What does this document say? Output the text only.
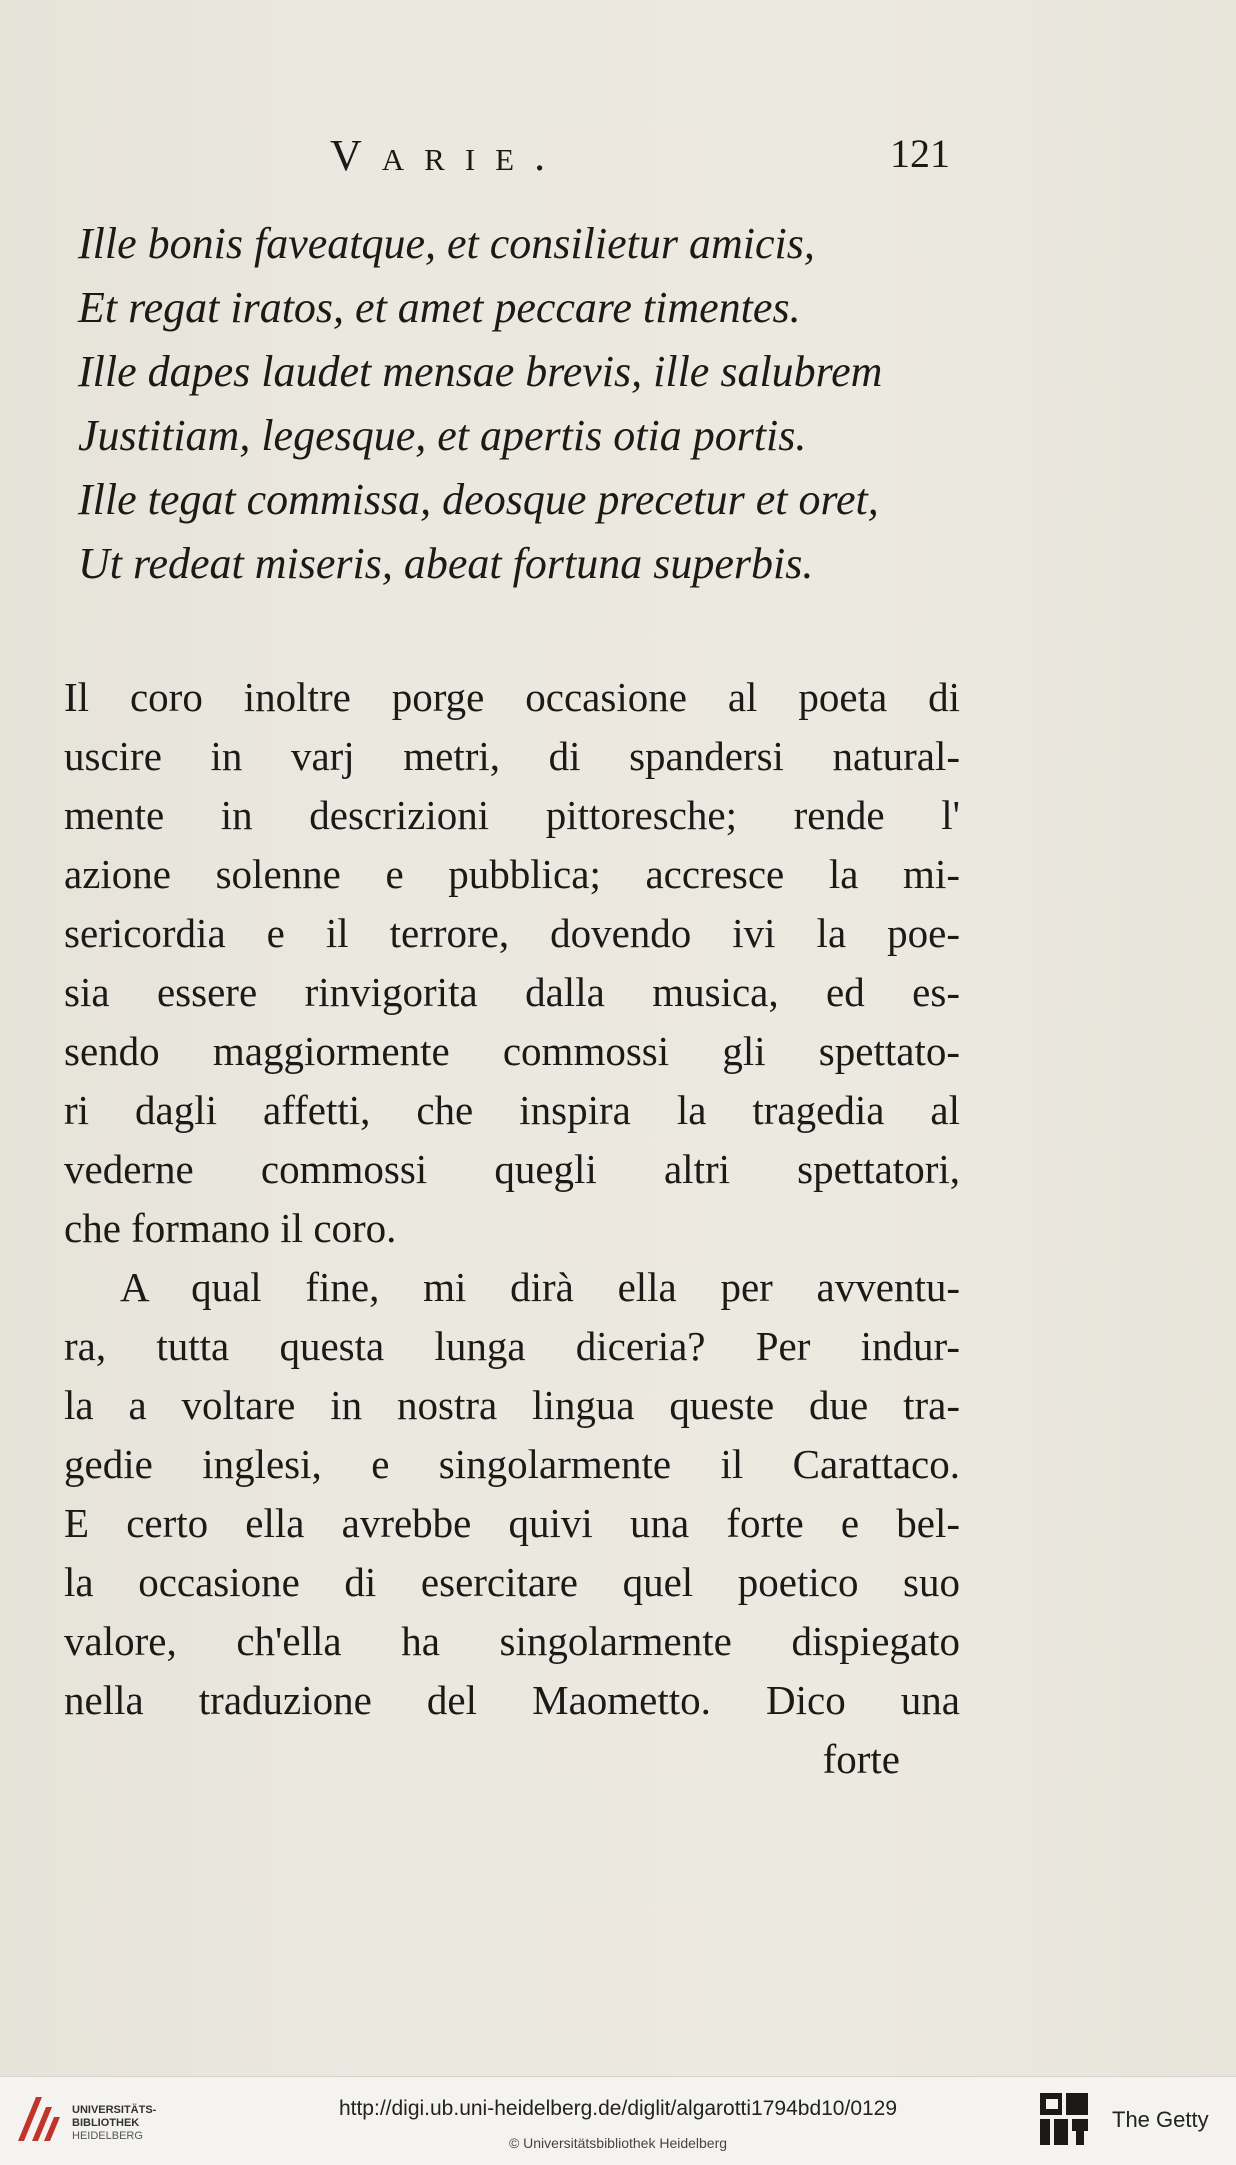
Varie.	121
Ille bonis faveatque, et consilietur amicis,
Et regat iratos, et amet peccare timentes.
Ille dapes laudet mensae brevis, ille salubrem
Justitiam, legesque, et apertis otia portis.
Ille tegat commissa, deosque precetur et oret,
Ut redeat miseris, abeat fortuna superbis.
Il coro inoltre porge occasione al poeta di
uscire in varj metri, di spandersi natural-
mente in descrizioni pittoresche; rende l'
azione solenne e pubblica; accresce la mi-
sericordia e il terrore, dovendo ivi la poe-
sia essere rinvigorita dalla musica, ed es-
sendo maggiormente commossi gli spettato-
ri dagli affetti, che inspira la tragedia al
vederne commossi quegli altri spettatori,
che formano il coro.
A qual fine, mi dirà ella per avventu-
ra, tutta questa lunga diceria? Per indur-
la a voltare in nostra lingua queste due tra-
gedie inglesi, e singolarmente il Carattaco.
E certo ella avrebbe quivi una forte e bel-
la occasione di esercitare quel poetico suo
valore, ch'ella ha singolarmente dispiegato
nella traduzione del Maometto. Dico una
forte
UNIVERSITÄTS-
BIBLIOTHEK
HEIDELBERG
http://digi.ub.uni-heidelberg.de/diglit/algarotti1794bd10/0129
© Universitätsbibliothek Heidelberg
The Getty
